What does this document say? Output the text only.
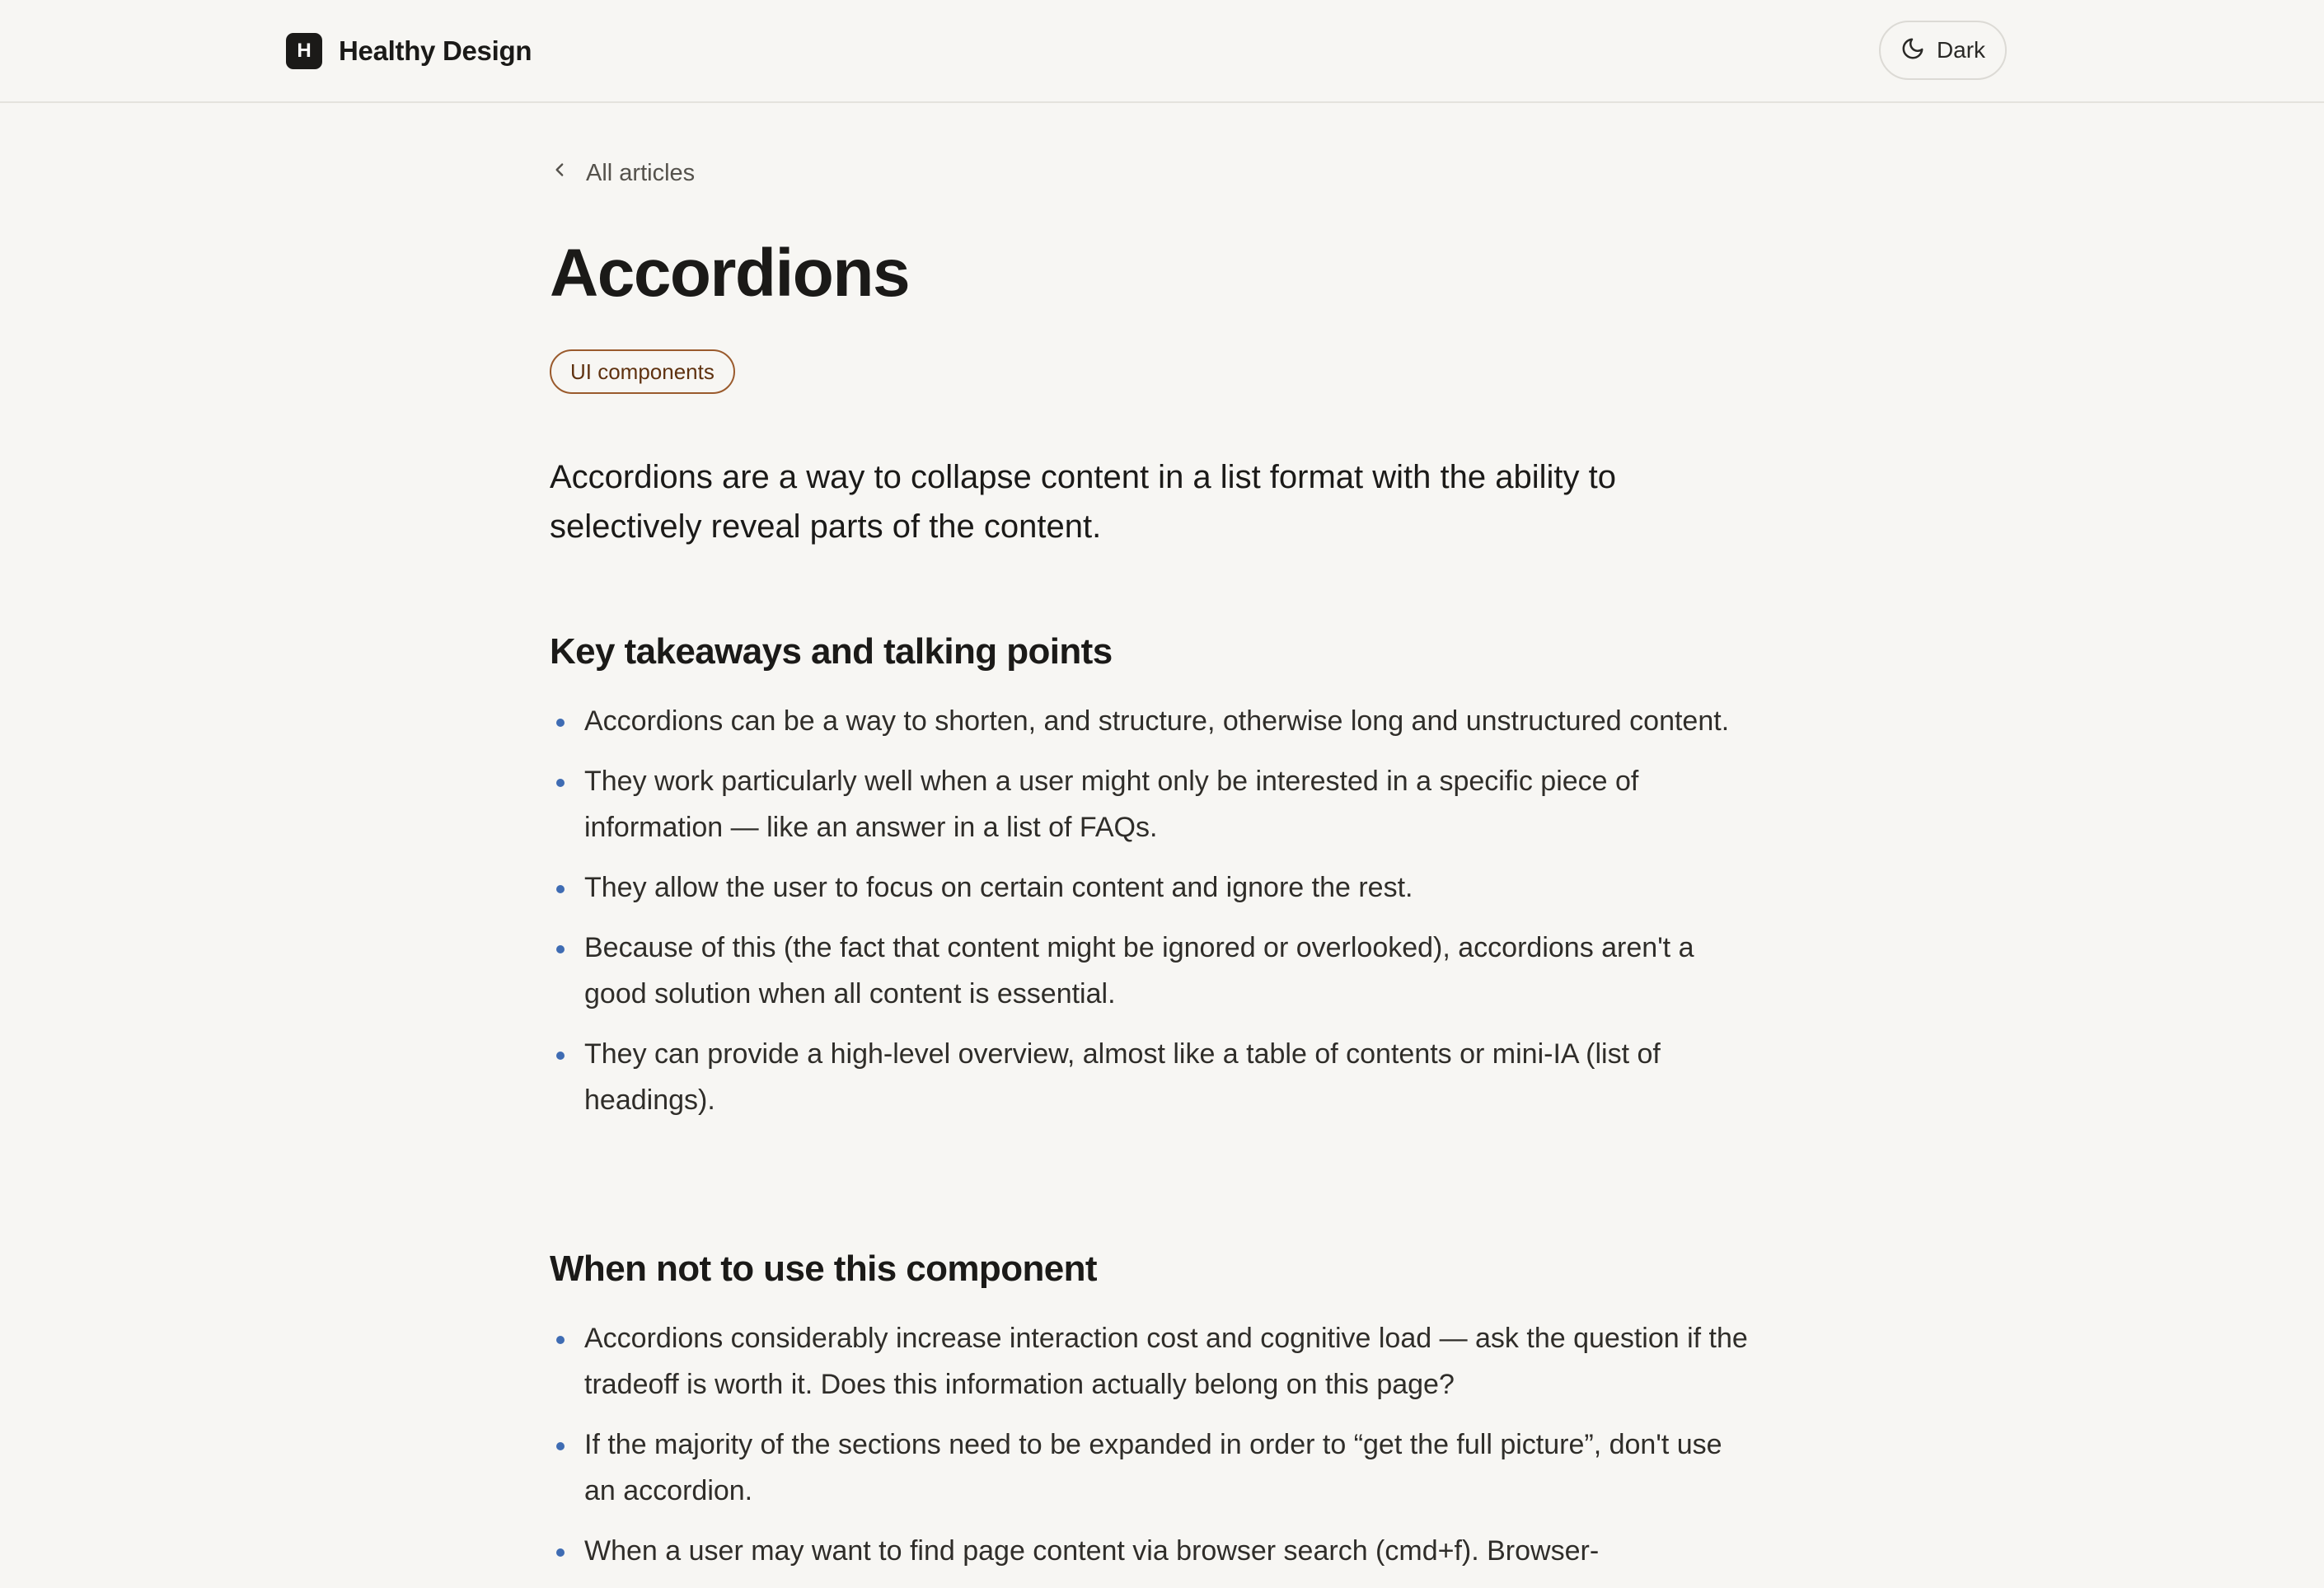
H	Healthy Design	Dark
All articles
Accordions
UI components

Accordions are a way to collapse content in a list format with the ability to selectively reveal parts of the content.

Key takeaways and talking points
Accordions can be a way to shorten, and structure, otherwise long and unstructured content.
They work particularly well when a user might only be interested in a specific piece of information — like an answer in a list of FAQs.
They allow the user to focus on certain content and ignore the rest.
Because of this (the fact that content might be ignored or overlooked), accordions aren't a good solution when all content is essential.
They can provide a high-level overview, almost like a table of contents or mini-IA (list of headings).
When not to use this component
Accordions considerably increase interaction cost and cognitive load — ask the question if the tradeoff is worth it. Does this information actually belong on this page?
If the majority of the sections need to be expanded in order to “get the full picture”, don't use an accordion.
When a user may want to find page content via browser search (cmd+f). Browser-
